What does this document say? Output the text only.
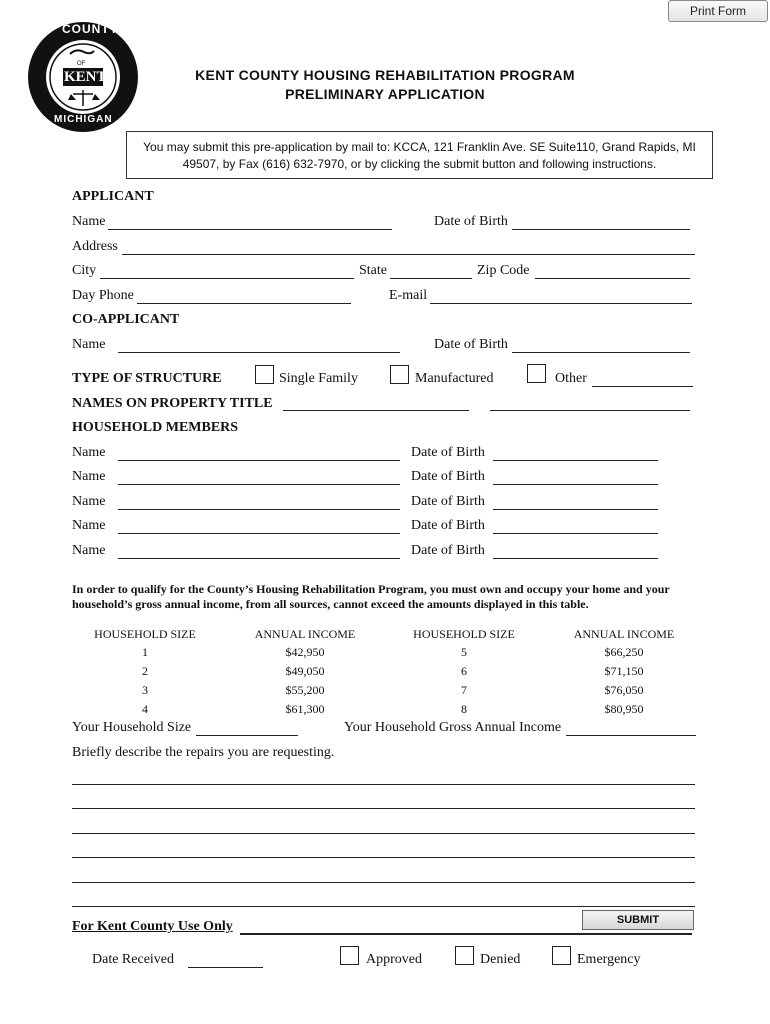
Print Form
COUNTY
OF
KENT
MICHIGAN
KENT COUNTY HOUSING REHABILITATION PROGRAM
PRELIMINARY APPLICATION
You may submit this pre-application by mail to: KCCA, 121 Franklin Ave. SE Suite110, Grand Rapids, MI 49507, by Fax (616) 632-7970, or by clicking the submit button and following instructions.
APPLICANT
Name	Date of Birth
Address
City	State	Zip Code
Day Phone	E-mail
CO-APPLICANT
Name	Date of Birth
TYPE OF STRUCTURE	Single Family	Manufactured	Other
NAMES ON PROPERTY TITLE
HOUSEHOLD MEMBERS
Name	Date of Birth
Name	Date of Birth
Name	Date of Birth
Name	Date of Birth
Name	Date of Birth
In order to qualify for the County’s Housing Rehabilitation Program, you must own and occupy your home and your household’s gross annual income, from all sources, cannot exceed the amounts displayed in this table.
HOUSEHOLD SIZE	ANNUAL INCOME	HOUSEHOLD SIZE	ANNUAL INCOME
1	$42,950	5	$66,250
2	$49,050	6	$71,150
3	$55,200	7	$76,050
4	$61,300	8	$80,950
Your Household Size	Your Household Gross Annual Income
Briefly describe the repairs you are requesting.
SUBMIT
For Kent County Use Only
Date Received	Approved	Denied	Emergency
